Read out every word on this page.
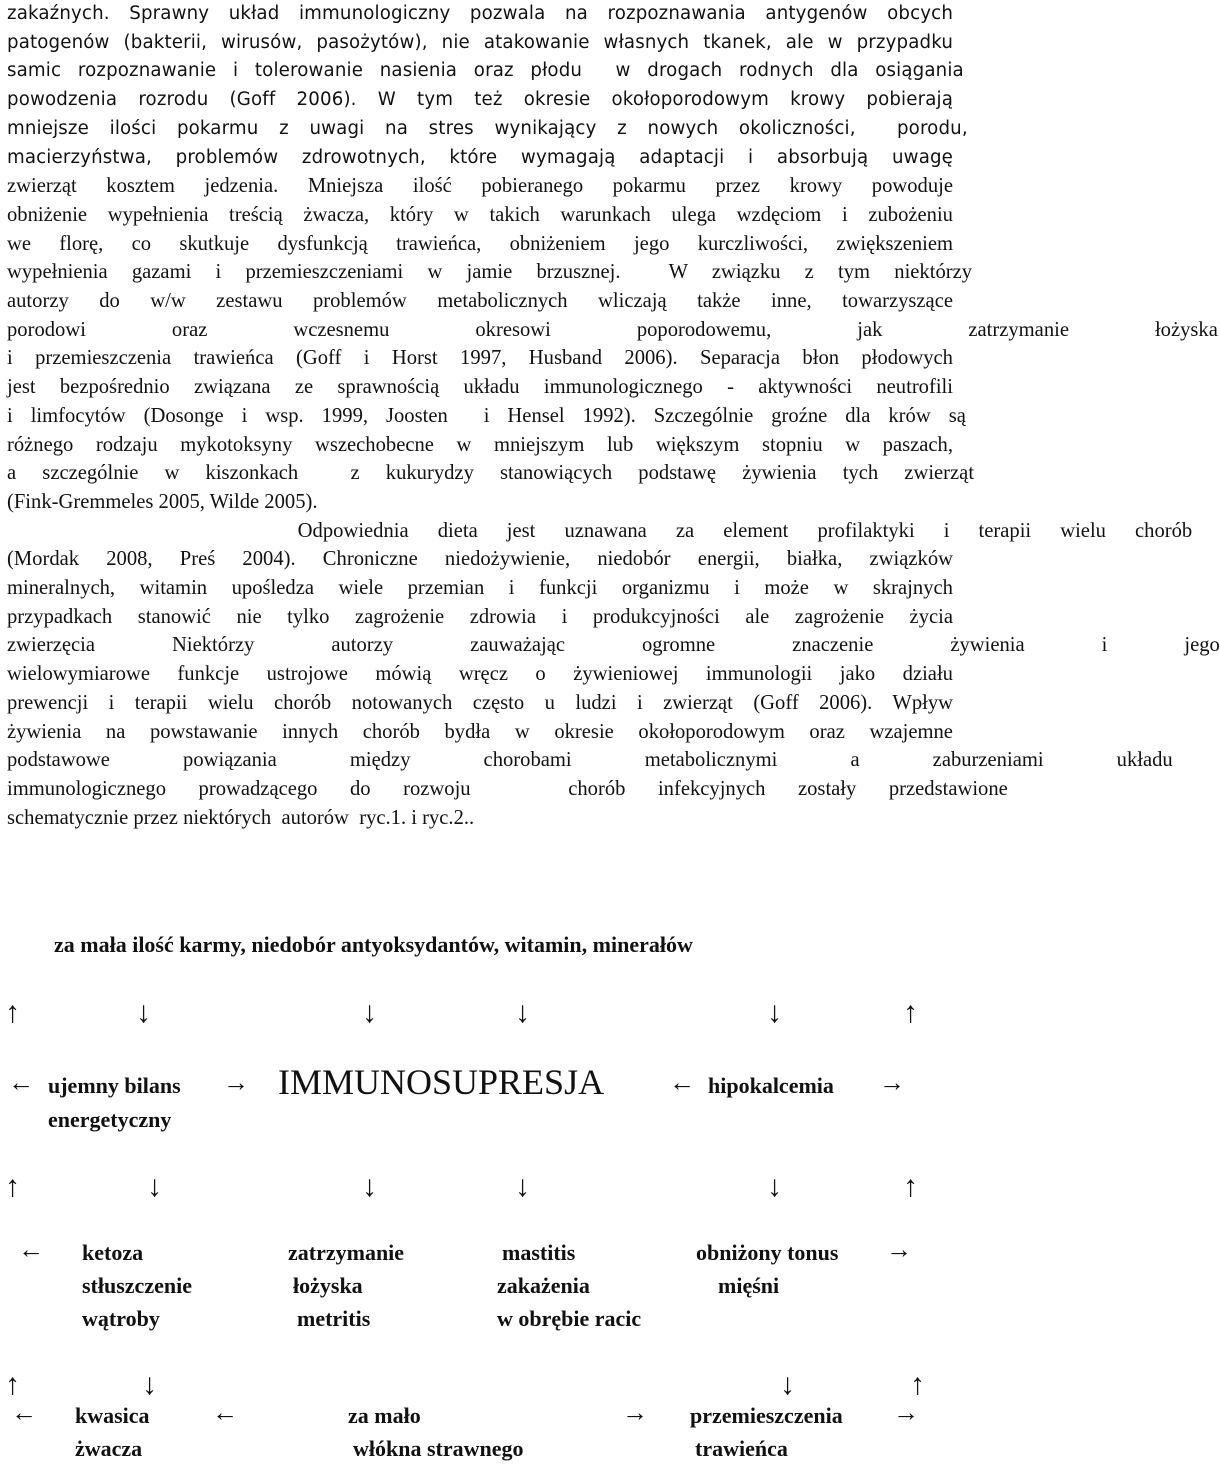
zakaźnych. Sprawny układ immunologiczny pozwala na rozpoznawania antygenów obcych
patogenów (bakterii, wirusów, pasożytów), nie atakowanie własnych tkanek, ale w przypadku
samic rozpoznawanie i tolerowanie nasienia oraz płodu  w drogach rodnych dla osiągania
powodzenia rozrodu (Goff 2006). W tym też okresie okołoporodowym krowy pobierają
mniejsze ilości pokarmu z uwagi na stres wynikający z nowych okoliczności,  porodu,
macierzyństwa, problemów zdrowotnych, które wymagają adaptacji i absorbują uwagę
zwierząt kosztem jedzenia. Mniejsza ilość pobieranego pokarmu przez krowy powoduje
obniżenie wypełnienia treścią żwacza, który w takich warunkach ulega wzdęciom i zubożeniu
we florę, co skutkuje dysfunkcją trawieńca, obniżeniem jego kurczliwości, zwiększeniem
wypełnienia gazami i przemieszczeniami w jamie brzusznej.  W związku z tym niektórzy
autorzy do w/w zestawu problemów metabolicznych wliczają także inne, towarzyszące
porodowi  oraz  wczesnemu  okresowi  poporodowemu,  jak  zatrzymanie  łożyska
i przemieszczenia trawieńca (Goff i Horst 1997, Husband 2006). Separacja błon płodowych
jest bezpośrednio związana ze sprawnością układu immunologicznego - aktywności neutrofili
i limfocytów (Dosonge i wsp. 1999, Joosten  i Hensel 1992). Szczególnie groźne dla krów są
różnego rodzaju mykotoksyny wszechobecne w mniejszym lub większym stopniu w paszach,
a szczególnie w kiszonkach  z kukurydzy stanowiących podstawę żywienia tych zwierząt
(Fink-Gremmeles 2005, Wilde 2005).
Odpowiednia dieta jest uznawana za element profilaktyki i terapii wielu chorób
(Mordak 2008, Preś 2004). Chroniczne niedożywienie, niedobór energii, białka, związków
mineralnych, witamin upośledza wiele przemian i funkcji organizmu i może w skrajnych
przypadkach stanowić nie tylko zagrożenie zdrowia i produkcyjności ale zagrożenie życia
zwierzęcia  Niektórzy  autorzy  zauważając  ogromne  znaczenie  żywienia  i  jego
wielowymiarowe funkcje ustrojowe mówią wręcz o żywieniowej immunologii jako działu
prewencji i terapii wielu chorób notowanych często u ludzi i zwierząt (Goff 2006). Wpływ
żywienia na powstawanie innych chorób bydła w okresie okołoporodowym oraz wzajemne
podstawowe  powiązania  między  chorobami  metabolicznymi  a  zaburzeniami  układu
immunologicznego prowadzącego do rozwoju   chorób infekcyjnych zostały przedstawione
schematycznie przez niektórych  autorów  ryc.1. i ryc.2..
za mała ilość karmy, niedobór antyoksydantów, witamin, minerałów
↑	↓	↓	↓	↓	↑
← ujemny bilans
energetyczny
→ IMMUNOSUPRESJA ← hipokalcemia →
↑	↓	↓	↓	↓	↑
← ketoza
stłuszczenie
wątroby
zatrzymanie
łożyska
metritis
mastitis
zakażenia
w obrębie racic
obniżony tonus →
mięśni
↑	↓	↓	↑
← kwasica
żwacza
←	za mało
włókna strawnego
→ przemieszczenia →
trawieńca
